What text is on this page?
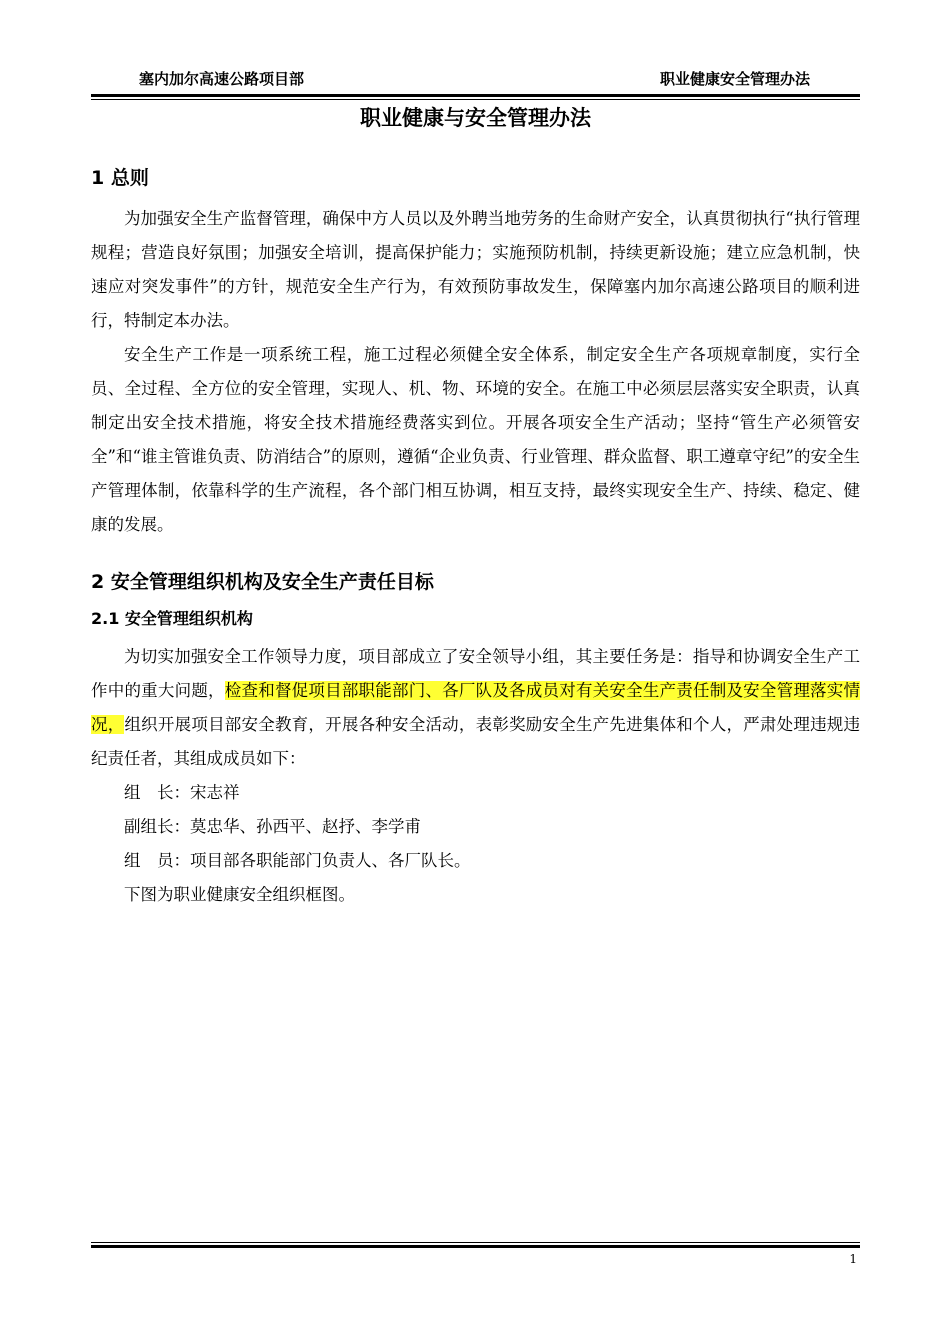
塞内加尔高速公路项目部	职业健康安全管理办法
职业健康与安全管理办法
1 总则

为加强安全生产监督管理，确保中方人员以及外聘当地劳务的生命财产安全，认真贯彻执行“执行管理规程；营造良好氛围；加强安全培训，提高保护能力；实施预防机制，持续更新设施；建立应急机制，快速应对突发事件”的方针，规范安全生产行为，有效预防事故发生，保障塞内加尔高速公路项目的顺利进行，特制定本办法。

安全生产工作是一项系统工程，施工过程必须健全安全体系，制定安全生产各项规章制度，实行全员、全过程、全方位的安全管理，实现人、机、物、环境的安全。在施工中必须层层落实安全职责，认真制定出安全技术措施，将安全技术措施经费落实到位。开展各项安全生产活动；坚持“管生产必须管安全”和“谁主管谁负责、防消结合”的原则，遵循“企业负责、行业管理、群众监督、职工遵章守纪”的安全生产管理体制，依靠科学的生产流程，各个部门相互协调，相互支持，最终实现安全生产、持续、稳定、健康的发展。

2 安全管理组织机构及安全生产责任目标
2.1 安全管理组织机构

为切实加强安全工作领导力度，项目部成立了安全领导小组，其主要任务是：指导和协调安全生产工作中的重大问题，检查和督促项目部职能部门、各厂队及各成员对有关安全生产责任制及安全管理落实情况，组织开展项目部安全教育，开展各种安全活动，表彰奖励安全生产先进集体和个人，严肃处理违规违纪责任者，其组成成员如下：

组　长：宋志祥
副组长：莫忠华、孙西平、赵抒、李学甫
组　员：项目部各职能部门负责人、各厂队长。
下图为职业健康安全组织框图。
1
